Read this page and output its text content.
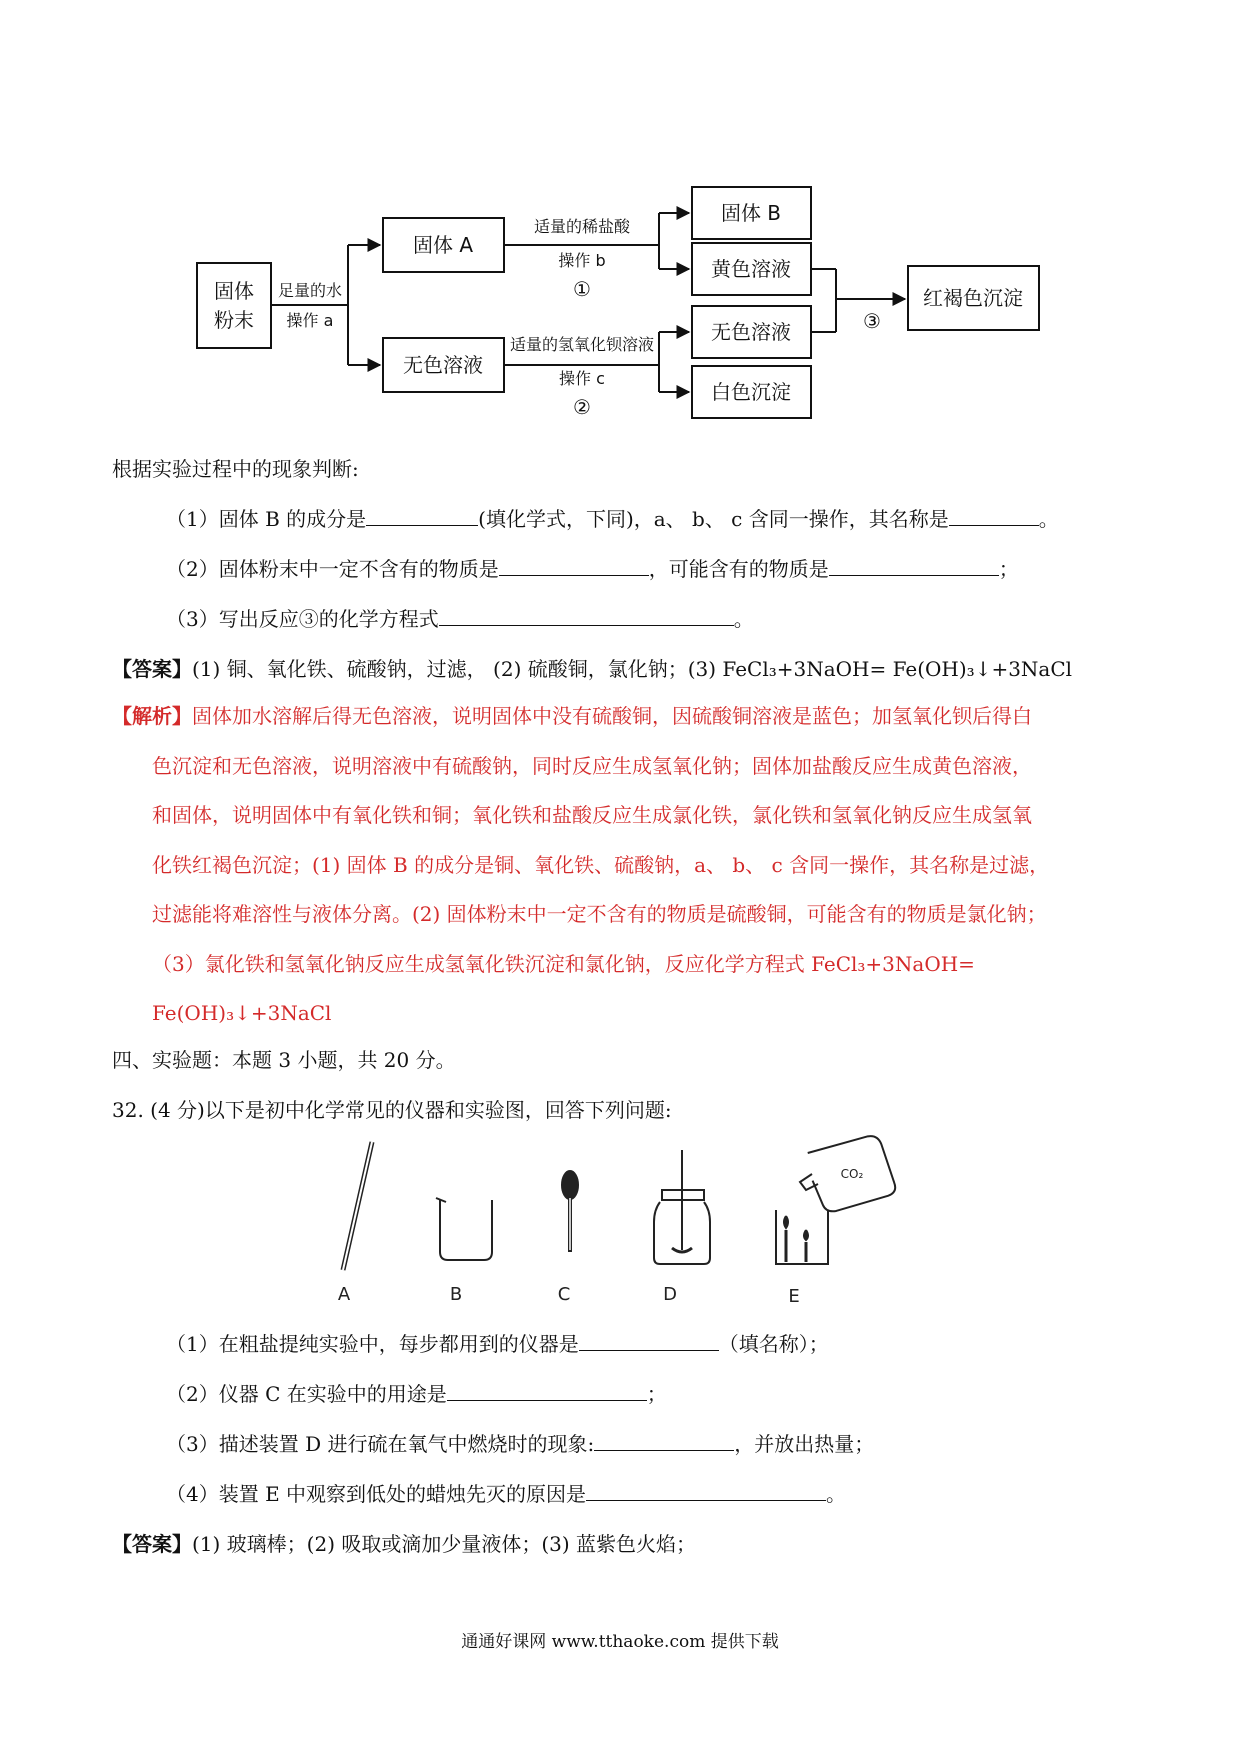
固体
粉末
足量的水
操作 a
固体 A
无色溶液
适量的稀盐酸
操作 b
①
适量的氢氧化钡溶液
操作 c
②
固体 B
黄色溶液
无色溶液
白色沉淀
③
红褐色沉淀
根据实验过程中的现象判断:
（1）固体 B 的成分是	(填化学式，下同)，a、 b、 c 含同一操作，其名称是	。
（2）固体粉末中一定不含有的物质是	，可能含有的物质是	；
（3）写出反应③的化学方程式	。
【答案】(1) 铜、氧化铁、硫酸钠，过滤， (2) 硫酸铜，氯化钠；(3) FeCl₃+3NaOH= Fe(OH)₃↓+3NaCl
【解析】固体加水溶解后得无色溶液，说明固体中没有硫酸铜，因硫酸铜溶液是蓝色；加氢氧化钡后得白
色沉淀和无色溶液，说明溶液中有硫酸钠，同时反应生成氢氧化钠；固体加盐酸反应生成黄色溶液，
和固体，说明固体中有氧化铁和铜；氧化铁和盐酸反应生成氯化铁，氯化铁和氢氧化钠反应生成氢氧
化铁红褐色沉淀；(1) 固体 B 的成分是铜、氧化铁、硫酸钠，a、 b、 c 含同一操作，其名称是过滤，
过滤能将难溶性与液体分离。(2) 固体粉末中一定不含有的物质是硫酸铜，可能含有的物质是氯化钠；
（3）氯化铁和氢氧化钠反应生成氢氧化铁沉淀和氯化钠，反应化学方程式 FeCl₃+3NaOH=
Fe(OH)₃↓+3NaCl
四、实验题：本题 3 小题，共 20 分。
32. (4 分)以下是初中化学常见的仪器和实验图，回答下列问题:
CO₂
A	B	C	D	E
（1）在粗盐提纯实验中，每步都用到的仪器是	（填名称）；
（2）仪器 C 在实验中的用途是	；
（3）描述装置 D 进行硫在氧气中燃烧时的现象:	，并放出热量；
（4）装置 E 中观察到低处的蜡烛先灭的原因是	。
【答案】(1) 玻璃棒；(2) 吸取或滴加少量液体；(3) 蓝紫色火焰；
通通好课网 www.tthaoke.com 提供下载
